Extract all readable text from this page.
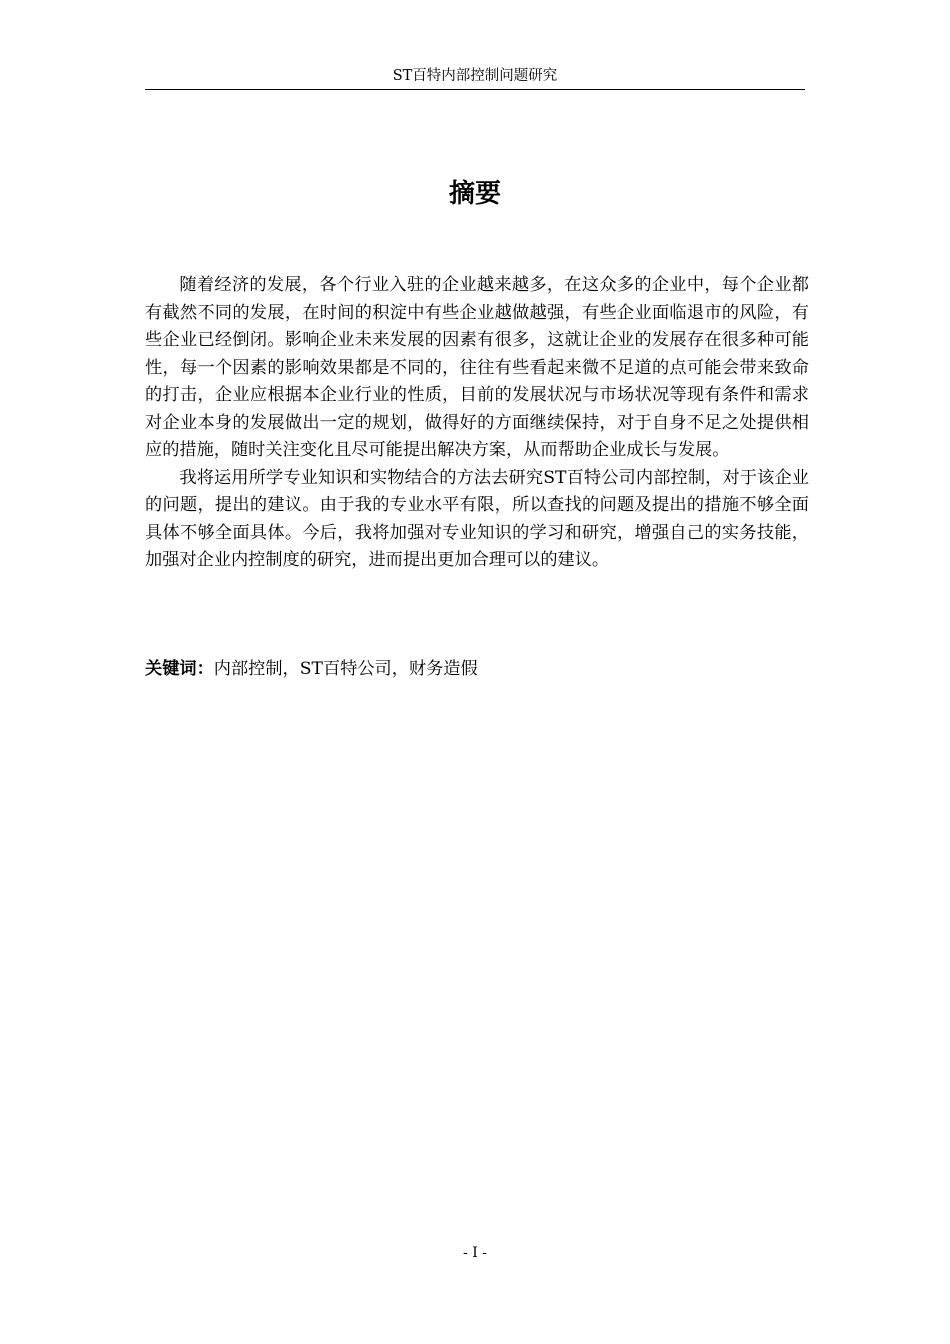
ST百特内部控制问题研究
摘要

随着经济的发展，各个行业入驻的企业越来越多，在这众多的企业中，每个企业都有截然不同的发展，在时间的积淀中有些企业越做越强，有些企业面临退市的风险，有些企业已经倒闭。影响企业未来发展的因素有很多，这就让企业的发展存在很多种可能性，每一个因素的影响效果都是不同的，往往有些看起来微不足道的点可能会带来致命的打击，企业应根据本企业行业的性质，目前的发展状况与市场状况等现有条件和需求对企业本身的发展做出一定的规划，做得好的方面继续保持，对于自身不足之处提供相应的措施，随时关注变化且尽可能提出解决方案，从而帮助企业成长与发展。

我将运用所学专业知识和实物结合的方法去研究ST百特公司内部控制，对于该企业的问题，提出的建议。由于我的专业水平有限，所以查找的问题及提出的措施不够全面具体不够全面具体。今后，我将加强对专业知识的学习和研究，增强自己的实务技能，加强对企业内控制度的研究，进而提出更加合理可以的建议。

关键词：内部控制，ST百特公司，财务造假
- I -
